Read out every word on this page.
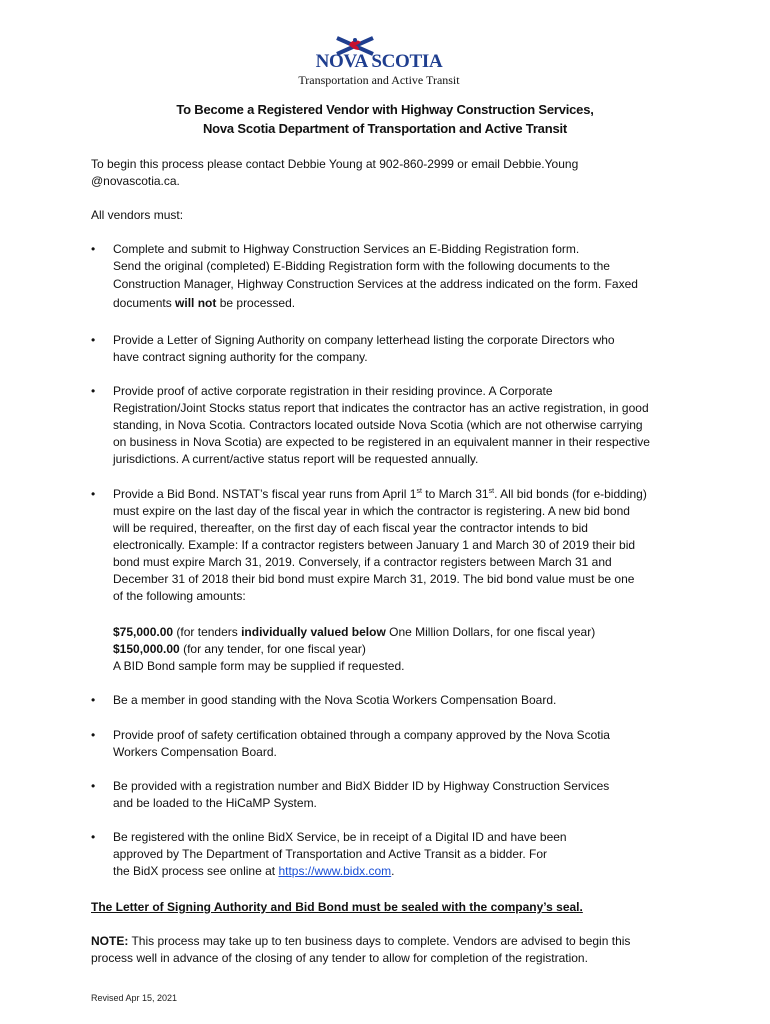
NOVA SCOTIA
Transportation and Active Transit
To Become a Registered Vendor with Highway Construction Services,
Nova Scotia Department of Transportation and Active Transit
To begin this process please contact Debbie Young at 902-860-2999 or email Debbie.Young
@novascotia.ca.
All vendors must:
• Complete and submit to Highway Construction Services an E-Bidding Registration form.
Send the original (completed) E-Bidding Registration form with the following documents to the
Construction Manager, Highway Construction Services at the address indicated on the form. Faxed
documents will not be processed.
• Provide a Letter of Signing Authority on company letterhead listing the corporate Directors who
have contract signing authority for the company.
• Provide proof of active corporate registration in their residing province. A Corporate
Registration/Joint Stocks status report that indicates the contractor has an active registration, in good
standing, in Nova Scotia. Contractors located outside Nova Scotia (which are not otherwise carrying
on business in Nova Scotia) are expected to be registered in an equivalent manner in their respective
jurisdictions. A current/active status report will be requested annually.
• Provide a Bid Bond. NSTAT’s fiscal year runs from April 1st to March 31st. All bid bonds (for e-bidding)
must expire on the last day of the fiscal year in which the contractor is registering. A new bid bond
will be required, thereafter, on the first day of each fiscal year the contractor intends to bid
electronically. Example: If a contractor registers between January 1 and March 30 of 2019 their bid
bond must expire March 31, 2019. Conversely, if a contractor registers between March 31 and
December 31 of 2018 their bid bond must expire March 31, 2019. The bid bond value must be one
of the following amounts:
$75,000.00 (for tenders individually valued below One Million Dollars, for one fiscal year)
$150,000.00 (for any tender, for one fiscal year)
A BID Bond sample form may be supplied if requested.
• Be a member in good standing with the Nova Scotia Workers Compensation Board.
• Provide proof of safety certification obtained through a company approved by the Nova Scotia
Workers Compensation Board.
• Be provided with a registration number and BidX Bidder ID by Highway Construction Services
and be loaded to the HiCaMP System.
• Be registered with the online BidX Service, be in receipt of a Digital ID and have been
approved by The Department of Transportation and Active Transit as a bidder. For
the BidX process see online at https://www.bidx.com.
The Letter of Signing Authority and Bid Bond must be sealed with the company’s seal.
NOTE: This process may take up to ten business days to complete. Vendors are advised to begin this
process well in advance of the closing of any tender to allow for completion of the registration.
Revised Apr 15, 2021
